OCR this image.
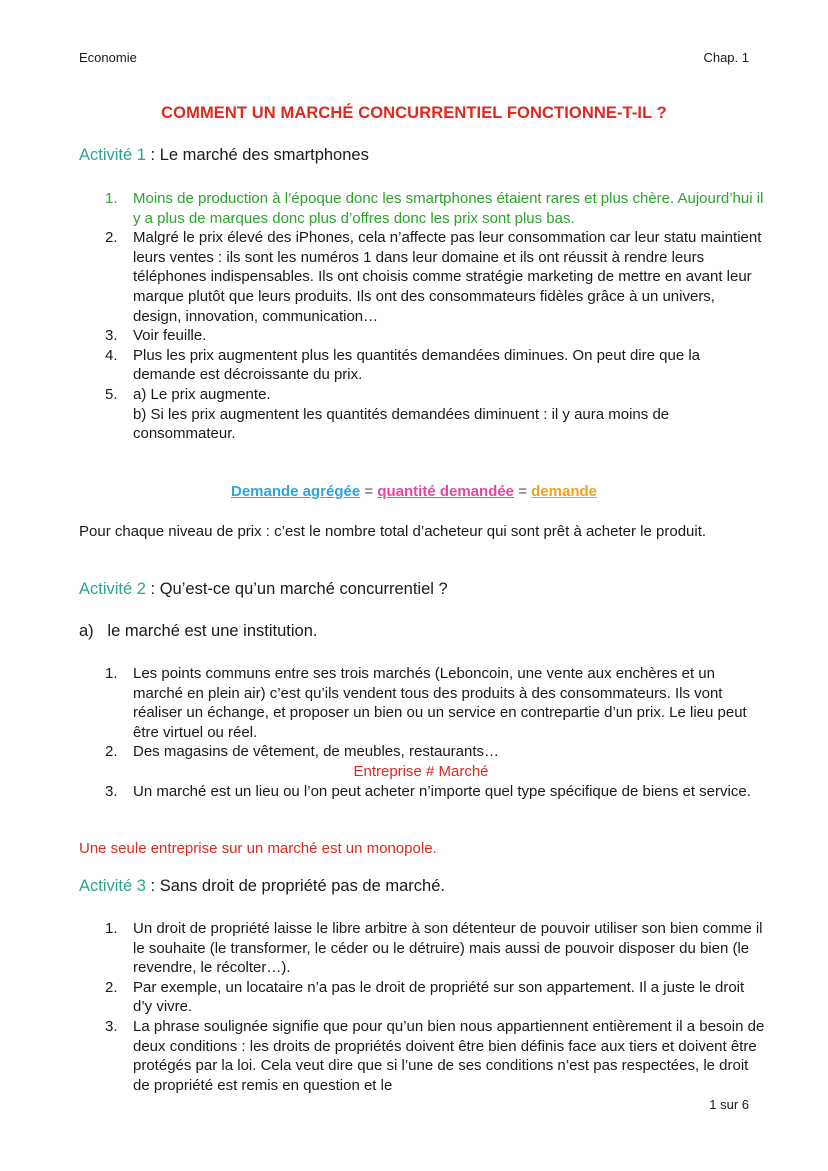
Economie	Chap. 1
COMMENT UN MARCHÉ CONCURRENTIEL FONCTIONNE-T-IL ?
Activité 1 : Le marché des smartphones
1.	Moins de production à l’époque donc les smartphones étaient rares et plus chère. Aujourd’hui il y a plus de marques donc plus d’offres donc les prix sont plus bas.
2.	Malgré le prix élevé des iPhones, cela n’affecte pas leur consommation car leur statu maintient leurs ventes : ils sont les numéros 1 dans leur domaine et ils ont réussit à rendre leurs téléphones indispensables. Ils ont choisis comme stratégie marketing de mettre en avant leur marque plutôt que leurs produits. Ils ont des consommateurs fidèles grâce à un univers, design, innovation, communication…
3.	Voir feuille.
4.	Plus les prix augmentent plus les quantités demandées diminues. On peut dire que la demande est décroissante du prix.
5.	a) Le prix augmente.
b) Si les prix augmentent les quantités demandées diminuent : il y aura moins de consommateur.
Demande agrégée = quantité demandée = demande
Pour chaque niveau de prix : c’est le nombre total d’acheteur qui sont prêt à acheter le produit.
Activité 2 : Qu’est-ce qu’un marché concurrentiel ?
a)   le marché est une institution.
1.	Les points communs entre ses trois marchés (Leboncoin, une vente aux enchères et un marché en plein air) c’est qu’ils vendent tous des produits à des consommateurs. Ils vont réaliser un échange, et proposer un bien ou un service en contrepartie d’un prix. Le lieu peut être virtuel ou réel.
2.	Des magasins de vêtement, de meubles, restaurants…
Entreprise # Marché
3.	Un marché est un lieu ou l’on peut acheter n’importe quel type spécifique de biens et service.
Une seule entreprise sur un marché est un monopole.
Activité 3 : Sans droit de propriété pas de marché.
1.	Un droit de propriété laisse le libre arbitre à son détenteur de pouvoir utiliser son bien comme il le souhaite (le transformer, le céder ou le détruire) mais aussi de pouvoir disposer du bien (le revendre, le récolter…).
2.	Par exemple, un locataire n’a pas le droit de propriété sur son appartement. Il a juste le droit d’y vivre.
3.	La phrase soulignée signifie que pour qu’un bien nous appartiennent entièrement il a besoin de deux conditions : les droits de propriétés doivent être bien définis face aux tiers et doivent être protégés par la loi. Cela veut dire que si l’une de ses conditions n’est pas respectées, le droit de propriété est remis en question et le
1 sur 6
